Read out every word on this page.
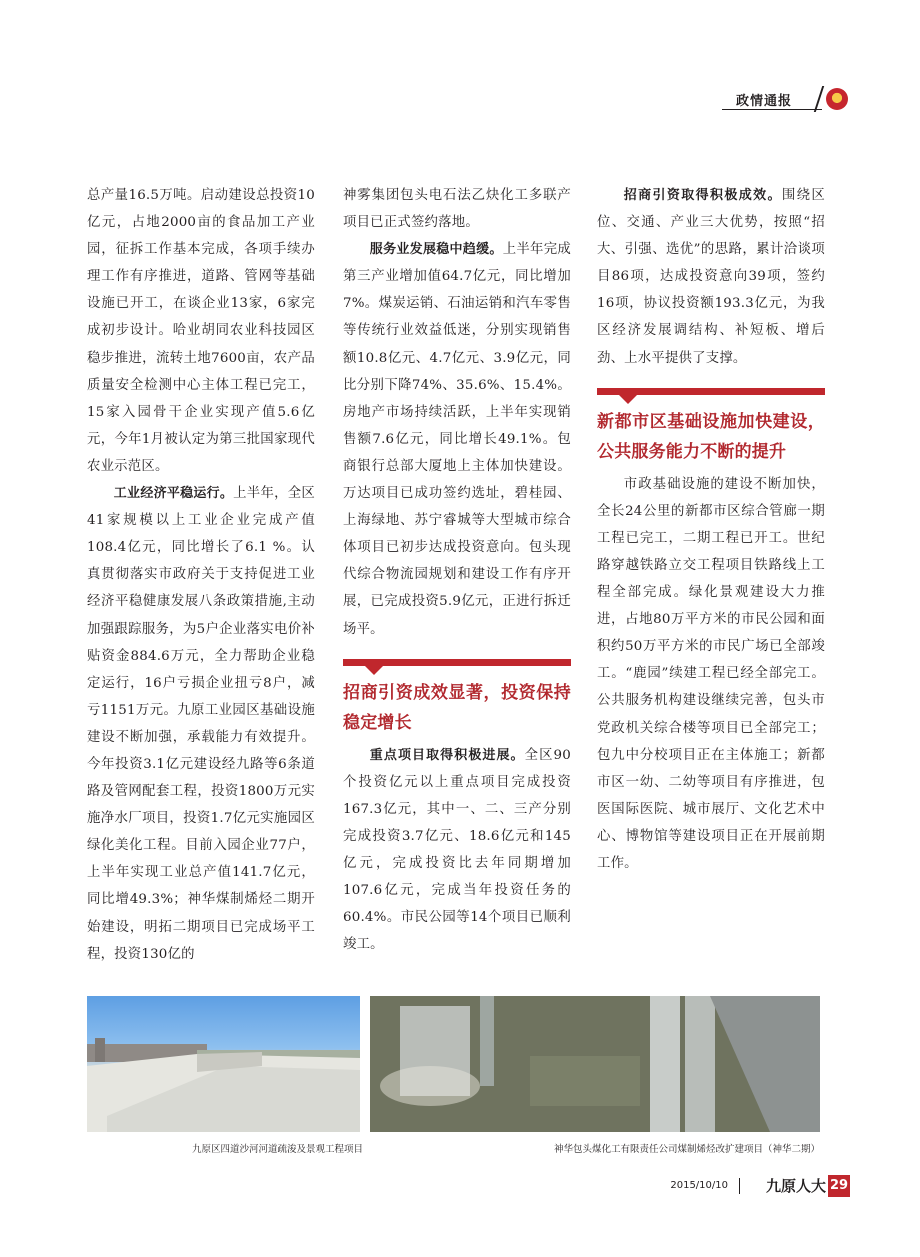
政情通报

总产量16.5万吨。启动建设总投资10亿元，占地2000亩的食品加工产业园，征拆工作基本完成，各项手续办理工作有序推进，道路、管网等基础设施已开工，在谈企业13家，6家完成初步设计。哈业胡同农业科技园区稳步推进，流转土地7600亩，农产品质量安全检测中心主体工程已完工，15家入园骨干企业实现产值5.6亿元，今年1月被认定为第三批国家现代农业示范区。

工业经济平稳运行。上半年，全区41家规模以上工业企业完成产值108.4亿元，同比增长了6.1 %。认真贯彻落实市政府关于支持促进工业经济平稳健康发展八条政策措施,主动加强跟踪服务，为5户企业落实电价补贴资金884.6万元，全力帮助企业稳定运行，16户亏损企业扭亏8户，减亏1151万元。九原工业园区基础设施建设不断加强，承载能力有效提升。今年投资3.1亿元建设经九路等6条道路及管网配套工程，投资1800万元实施净水厂项目，投资1.7亿元实施园区绿化美化工程。目前入园企业77户，上半年实现工业总产值141.7亿元，同比增49.3%；神华煤制烯烃二期开始建设，明拓二期项目已完成场平工程，投资130亿的

神雾集团包头电石法乙炔化工多联产项目已正式签约落地。

服务业发展稳中趋缓。上半年完成第三产业增加值64.7亿元，同比增加7%。煤炭运销、石油运销和汽车零售等传统行业效益低迷，分别实现销售额10.8亿元、4.7亿元、3.9亿元，同比分别下降74%、35.6%、15.4%。房地产市场持续活跃，上半年实现销售额7.6亿元，同比增长49.1%。包商银行总部大厦地上主体加快建设。万达项目已成功签约选址，碧桂园、上海绿地、苏宁睿城等大型城市综合体项目已初步达成投资意向。包头现代综合物流园规划和建设工作有序开展，已完成投资5.9亿元，正进行拆迁场平。

招商引资成效显著，投资保持稳定增长

重点项目取得积极进展。全区90个投资亿元以上重点项目完成投资167.3亿元，其中一、二、三产分别完成投资3.7亿元、18.6亿元和145亿元，完成投资比去年同期增加107.6亿元，完成当年投资任务的60.4%。市民公园等14个项目已顺利竣工。

招商引资取得积极成效。围绕区位、交通、产业三大优势，按照“招大、引强、选优”的思路，累计洽谈项目86项，达成投资意向39项，签约16项，协议投资额193.3亿元，为我区经济发展调结构、补短板、增后劲、上水平提供了支撑。

新都市区基础设施加快建设，公共服务能力不断的提升

市政基础设施的建设不断加快，全长24公里的新都市区综合管廊一期工程已完工，二期工程已开工。世纪路穿越铁路立交工程项目铁路线上工程全部完成。绿化景观建设大力推进，占地80万平方米的市民公园和面积约50万平方米的市民广场已全部竣工。“鹿园”续建工程已经全部完工。公共服务机构建设继续完善，包头市党政机关综合楼等项目已全部完工；包九中分校项目正在主体施工；新都市区一幼、二幼等项目有序推进，包医国际医院、城市展厅、文化艺术中心、博物馆等建设项目正在开展前期工作。

九原区四道沙河河道疏浚及景观工程项目	神华包头煤化工有限责任公司煤制烯烃改扩建项目（神华二期）
2015/10/10	九原人大 29
